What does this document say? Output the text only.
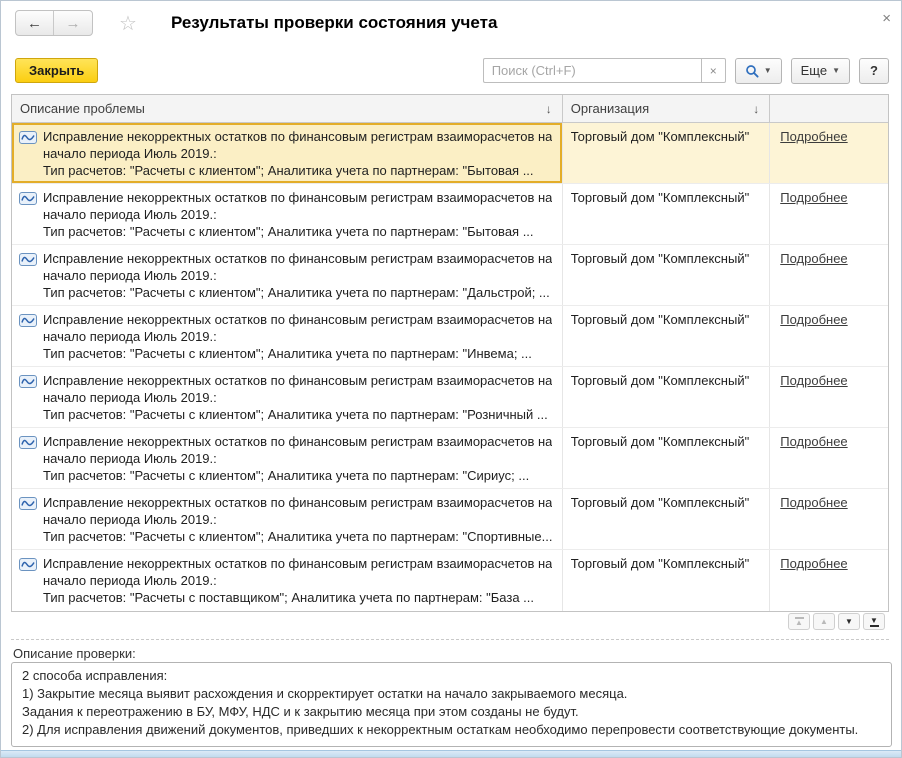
← → ☆ Результаты проверки состояния учета	×
Закрыть
Поиск (Ctrl+F)	×	▼ Еще ▼ ?
Описание проблемы	↓ Организация	↓
Исправление некорректных остатков по финансовым регистрам взаиморасчетов на
начало периода Июль 2019.:
Тип расчетов: "Расчеты с клиентом"; Аналитика учета по партнерам: "Бытовая ...
Торговый дом "Комплексный"	Подробнее
Исправление некорректных остатков по финансовым регистрам взаиморасчетов на
начало периода Июль 2019.:
Тип расчетов: "Расчеты с клиентом"; Аналитика учета по партнерам: "Бытовая ...
Торговый дом "Комплексный"	Подробнее
Исправление некорректных остатков по финансовым регистрам взаиморасчетов на
начало периода Июль 2019.:
Тип расчетов: "Расчеты с клиентом"; Аналитика учета по партнерам: "Дальстрой; ...
Торговый дом "Комплексный"	Подробнее
Исправление некорректных остатков по финансовым регистрам взаиморасчетов на
начало периода Июль 2019.:
Тип расчетов: "Расчеты с клиентом"; Аналитика учета по партнерам: "Инвема; ...
Торговый дом "Комплексный"	Подробнее
Исправление некорректных остатков по финансовым регистрам взаиморасчетов на
начало периода Июль 2019.:
Тип расчетов: "Расчеты с клиентом"; Аналитика учета по партнерам: "Розничный ...
Торговый дом "Комплексный"	Подробнее
Исправление некорректных остатков по финансовым регистрам взаиморасчетов на
начало периода Июль 2019.:
Тип расчетов: "Расчеты с клиентом"; Аналитика учета по партнерам: "Сириус; ...
Торговый дом "Комплексный"	Подробнее
Исправление некорректных остатков по финансовым регистрам взаиморасчетов на
начало периода Июль 2019.:
Тип расчетов: "Расчеты с клиентом"; Аналитика учета по партнерам: "Спортивные...
Торговый дом "Комплексный"	Подробнее
Исправление некорректных остатков по финансовым регистрам взаиморасчетов на
начало периода Июль 2019.:
Тип расчетов: "Расчеты с поставщиком"; Аналитика учета по партнерам: "База ...
Торговый дом "Комплексный"	Подробнее
▲ ▲ ▼ ▼
Описание проверки:
2 способа исправления:
1) Закрытие месяца выявит расхождения и скорректирует остатки на начало закрываемого месяца.
Задания к переотражению в БУ, МФУ, НДС и к закрытию месяца при этом созданы не будут.
2) Для исправления движений документов, приведших к некорректным остаткам необходимо перепровести соответствующие документы.
